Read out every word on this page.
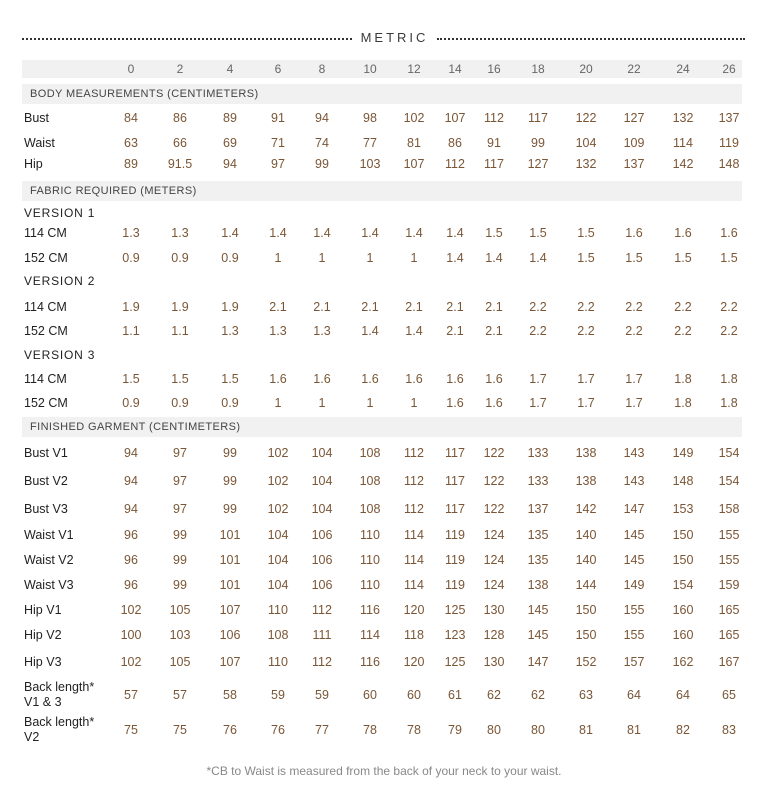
METRIC
BODY MEASUREMENTS (CENTIMETERS)
FABRIC REQUIRED (METERS)
FINISHED GARMENT (CENTIMETERS)
VERSION 1
VERSION 2
VERSION 3
*CB to Waist is measured from the back of your neck to your waist.
0	2	4	6	8	10	12	14	16	18	20	22	24	26
Bust	84	86	89	91	94	98	102	107	112	117	122	127	132	137
Waist	63	66	69	71	74	77	81	86	91	99	104	109	114	119
Hip	89	91.5	94	97	99	103	107	112	117	127	132	137	142	148
114 CM	1.3	1.3	1.4	1.4	1.4	1.4	1.4	1.4	1.5	1.5	1.5	1.6	1.6	1.6
152 CM	0.9	0.9	0.9	1	1	1	1	1.4	1.4	1.4	1.5	1.5	1.5	1.5
114 CM	1.9	1.9	1.9	2.1	2.1	2.1	2.1	2.1	2.1	2.2	2.2	2.2	2.2	2.2
152 CM	1.1	1.1	1.3	1.3	1.3	1.4	1.4	2.1	2.1	2.2	2.2	2.2	2.2	2.2
114 CM	1.5	1.5	1.5	1.6	1.6	1.6	1.6	1.6	1.6	1.7	1.7	1.7	1.8	1.8
152 CM	0.9	0.9	0.9	1	1	1	1	1.6	1.6	1.7	1.7	1.7	1.8	1.8
Bust V1	94	97	99	102	104	108	112	117	122	133	138	143	149	154
Bust V2	94	97	99	102	104	108	112	117	122	133	138	143	148	154
Bust V3	94	97	99	102	104	108	112	117	122	137	142	147	153	158
Waist V1	96	99	101	104	106	110	114	119	124	135	140	145	150	155
Waist V2	96	99	101	104	106	110	114	119	124	135	140	145	150	155
Waist V3	96	99	101	104	106	110	114	119	124	138	144	149	154	159
Hip V1	102	105	107	110	112	116	120	125	130	145	150	155	160	165
Hip V2	100	103	106	108	111	114	118	123	128	145	150	155	160	165
Hip V3	102	105	107	110	112	116	120	125	130	147	152	157	162	167
Back length*
V1 & 3	57	57	58	59	59	60	60	61	62	62	63	64	64	65
Back length*
V2	75	75	76	76	77	78	78	79	80	80	81	81	82	83
